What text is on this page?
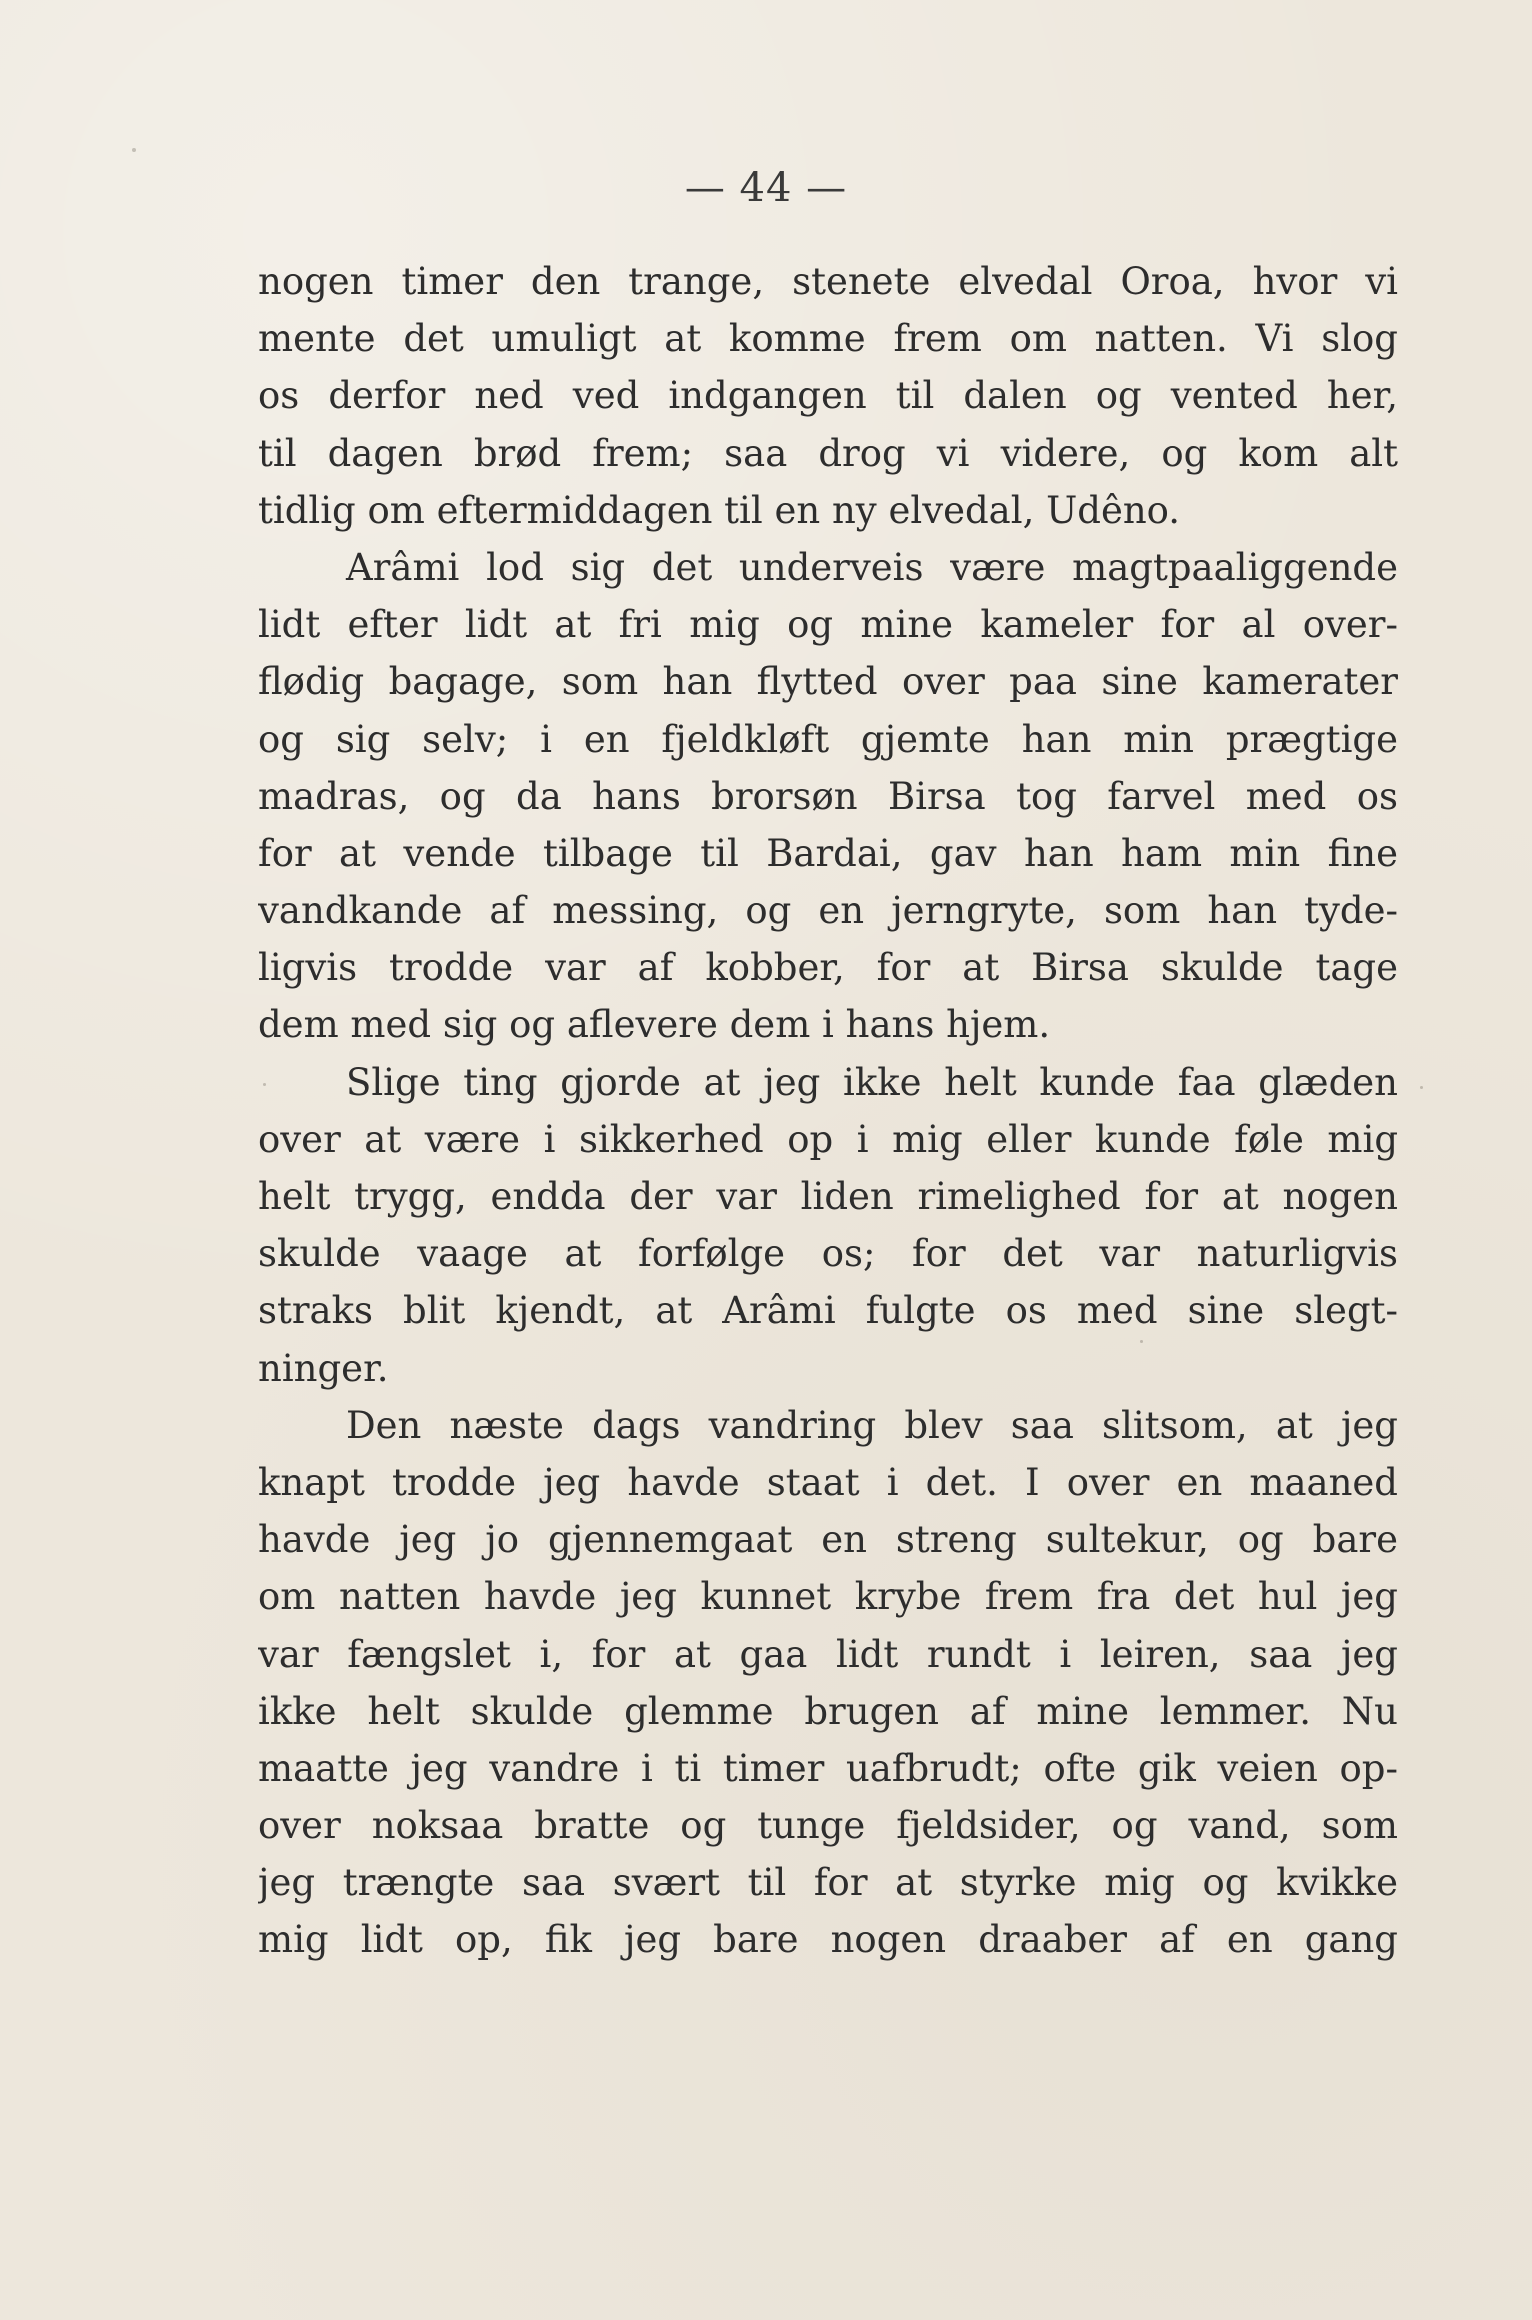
— 44 —
nogen timer den trange, stenete elvedal Oroa, hvor vi
mente det umuligt at komme frem om natten. Vi slog
os derfor ned ved indgangen til dalen og vented her,
til dagen brød frem; saa drog vi videre, og kom alt
tidlig om eftermiddagen til en ny elvedal, Udêno.
Arâmi lod sig det underveis være magtpaaliggende
lidt efter lidt at fri mig og mine kameler for al over-
flødig bagage, som han flytted over paa sine kamerater
og sig selv; i en fjeldkløft gjemte han min prægtige
madras, og da hans brorsøn Birsa tog farvel med os
for at vende tilbage til Bardai, gav han ham min fine
vandkande af messing, og en jerngryte, som han tyde-
ligvis trodde var af kobber, for at Birsa skulde tage
dem med sig og aflevere dem i hans hjem.
Slige ting gjorde at jeg ikke helt kunde faa glæden
over at være i sikkerhed op i mig eller kunde føle mig
helt trygg, endda der var liden rimelighed for at nogen
skulde vaage at forfølge os; for det var naturligvis
straks blit kjendt, at Arâmi fulgte os med sine slegt-
ninger.
Den næste dags vandring blev saa slitsom, at jeg
knapt trodde jeg havde staat i det. I over en maaned
havde jeg jo gjennemgaat en streng sultekur, og bare
om natten havde jeg kunnet krybe frem fra det hul jeg
var fængslet i, for at gaa lidt rundt i leiren, saa jeg
ikke helt skulde glemme brugen af mine lemmer. Nu
maatte jeg vandre i ti timer uafbrudt; ofte gik veien op-
over noksaa bratte og tunge fjeldsider, og vand, som
jeg trængte saa svært til for at styrke mig og kvikke
mig lidt op, fik jeg bare nogen draaber af en gang
